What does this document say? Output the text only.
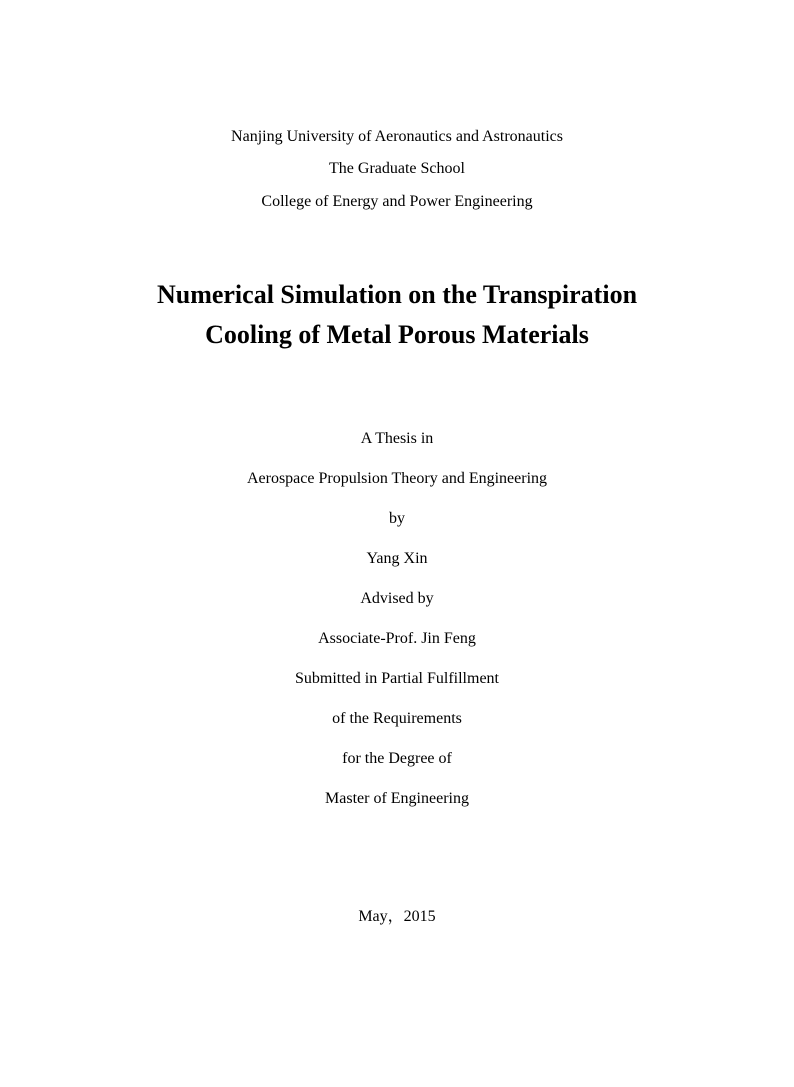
Nanjing University of Aeronautics and Astronautics
The Graduate School
College of Energy and Power Engineering
Numerical Simulation on the Transpiration
Cooling of Metal Porous Materials
A Thesis in
Aerospace Propulsion Theory and Engineering
by
Yang Xin
Advised by
Associate-Prof. Jin Feng
Submitted in Partial Fulfillment
of the Requirements
for the Degree of
Master of Engineering
May，2015
